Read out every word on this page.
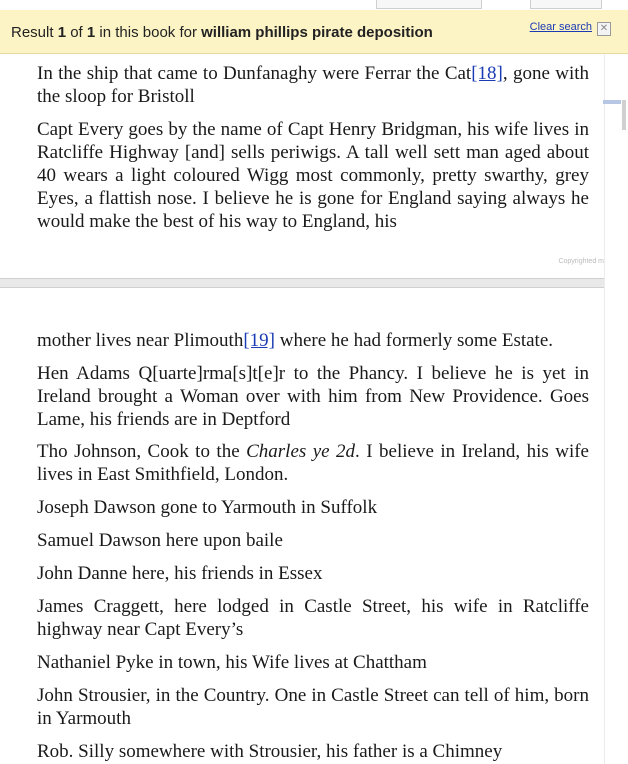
Result 1 of 1 in this book for william phillips pirate deposition	Clear search ✕

In the ship that came to Dunfanaghy were Ferrar the Cat[18], gone with the sloop for Bristoll

Capt Every goes by the name of Capt Henry Bridgman, his wife lives in Ratcliffe Highway [and] sells periwigs. A tall well sett man aged about 40 wears a light coloured Wigg most commonly, pretty swarthy, grey Eyes, a flattish nose. I believe he is gone for England saying always he would make the best of his way to England, his

Copyrighted m

mother lives near Plimouth[19] where he had formerly some Estate.

Hen Adams Q[uarte]rma[s]t[e]r to the Phancy. I believe he is yet in Ireland brought a Woman over with him from New Providence. Goes Lame, his friends are in Deptford

Tho Johnson, Cook to the Charles ye 2d. I believe in Ireland, his wife lives in East Smithfield, London.

Joseph Dawson gone to Yarmouth in Suffolk

Samuel Dawson here upon baile

John Danne here, his friends in Essex

James Craggett, here lodged in Castle Street, his wife in Ratcliffe highway near Capt Every’s

Nathaniel Pyke in town, his Wife lives at Chattham

John Strousier, in the Country. One in Castle Street can tell of him, born in Yarmouth

Rob. Silly somewhere with Strousier, his father is a Chimney
